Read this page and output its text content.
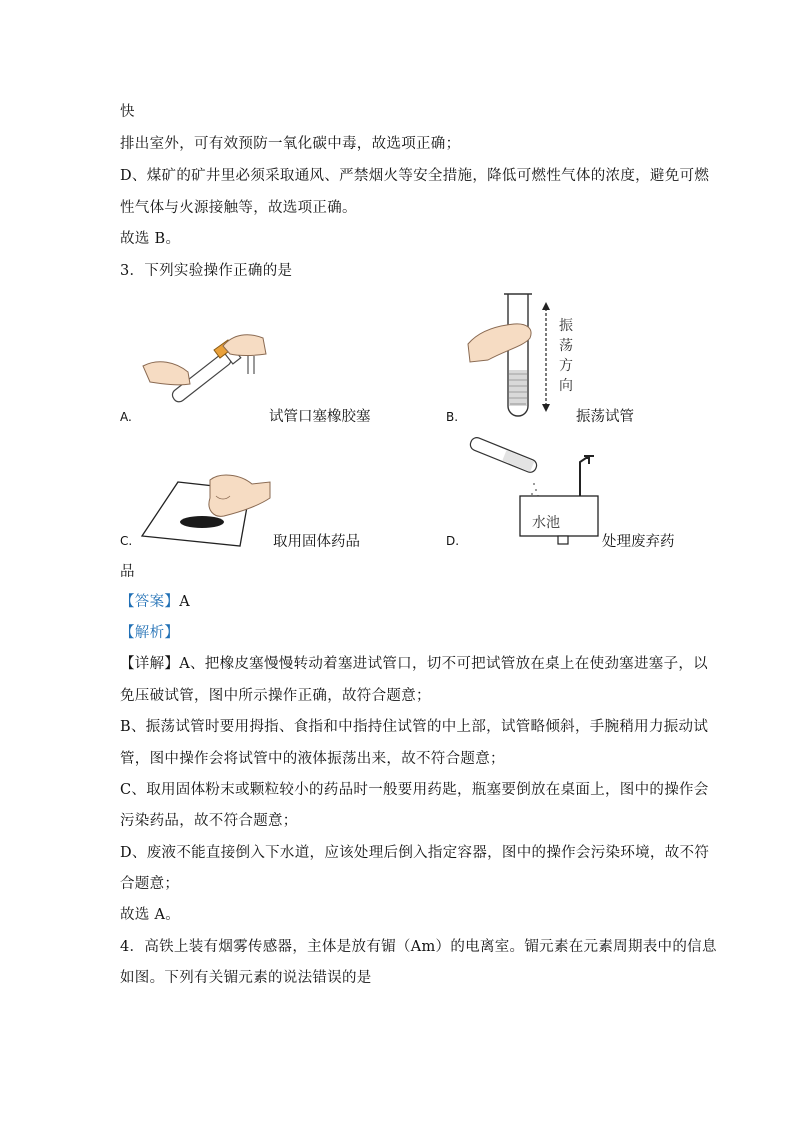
快
排出室外，可有效预防一氧化碳中毒，故选项正确；
D、煤矿的矿井里必须采取通风、严禁烟火等安全措施，降低可燃性气体的浓度，避免可燃
性气体与火源接触等，故选项正确。
故选 B。
3．下列实验操作正确的是
A.	试管口塞橡胶塞
振
荡
方
向
B.	振荡试管
C.	取用固体药品
水池
D.	处理废弃药
品
【答案】A
【解析】
【详解】A、把橡皮塞慢慢转动着塞进试管口，切不可把试管放在桌上在使劲塞进塞子，以
免压破试管，图中所示操作正确，故符合题意；
B、振荡试管时要用拇指、食指和中指持住试管的中上部，试管略倾斜，手腕稍用力振动试
管，图中操作会将试管中的液体振荡出来，故不符合题意；
C、取用固体粉末或颗粒较小的药品时一般要用药匙，瓶塞要倒放在桌面上，图中的操作会
污染药品，故不符合题意；
D、废液不能直接倒入下水道，应该处理后倒入指定容器，图中的操作会污染环境，故不符
合题意；
故选 A。
4．高铁上装有烟雾传感器，主体是放有镅（Am）的电离室。镅元素在元素周期表中的信息
如图。下列有关镅元素的说法错误的是
